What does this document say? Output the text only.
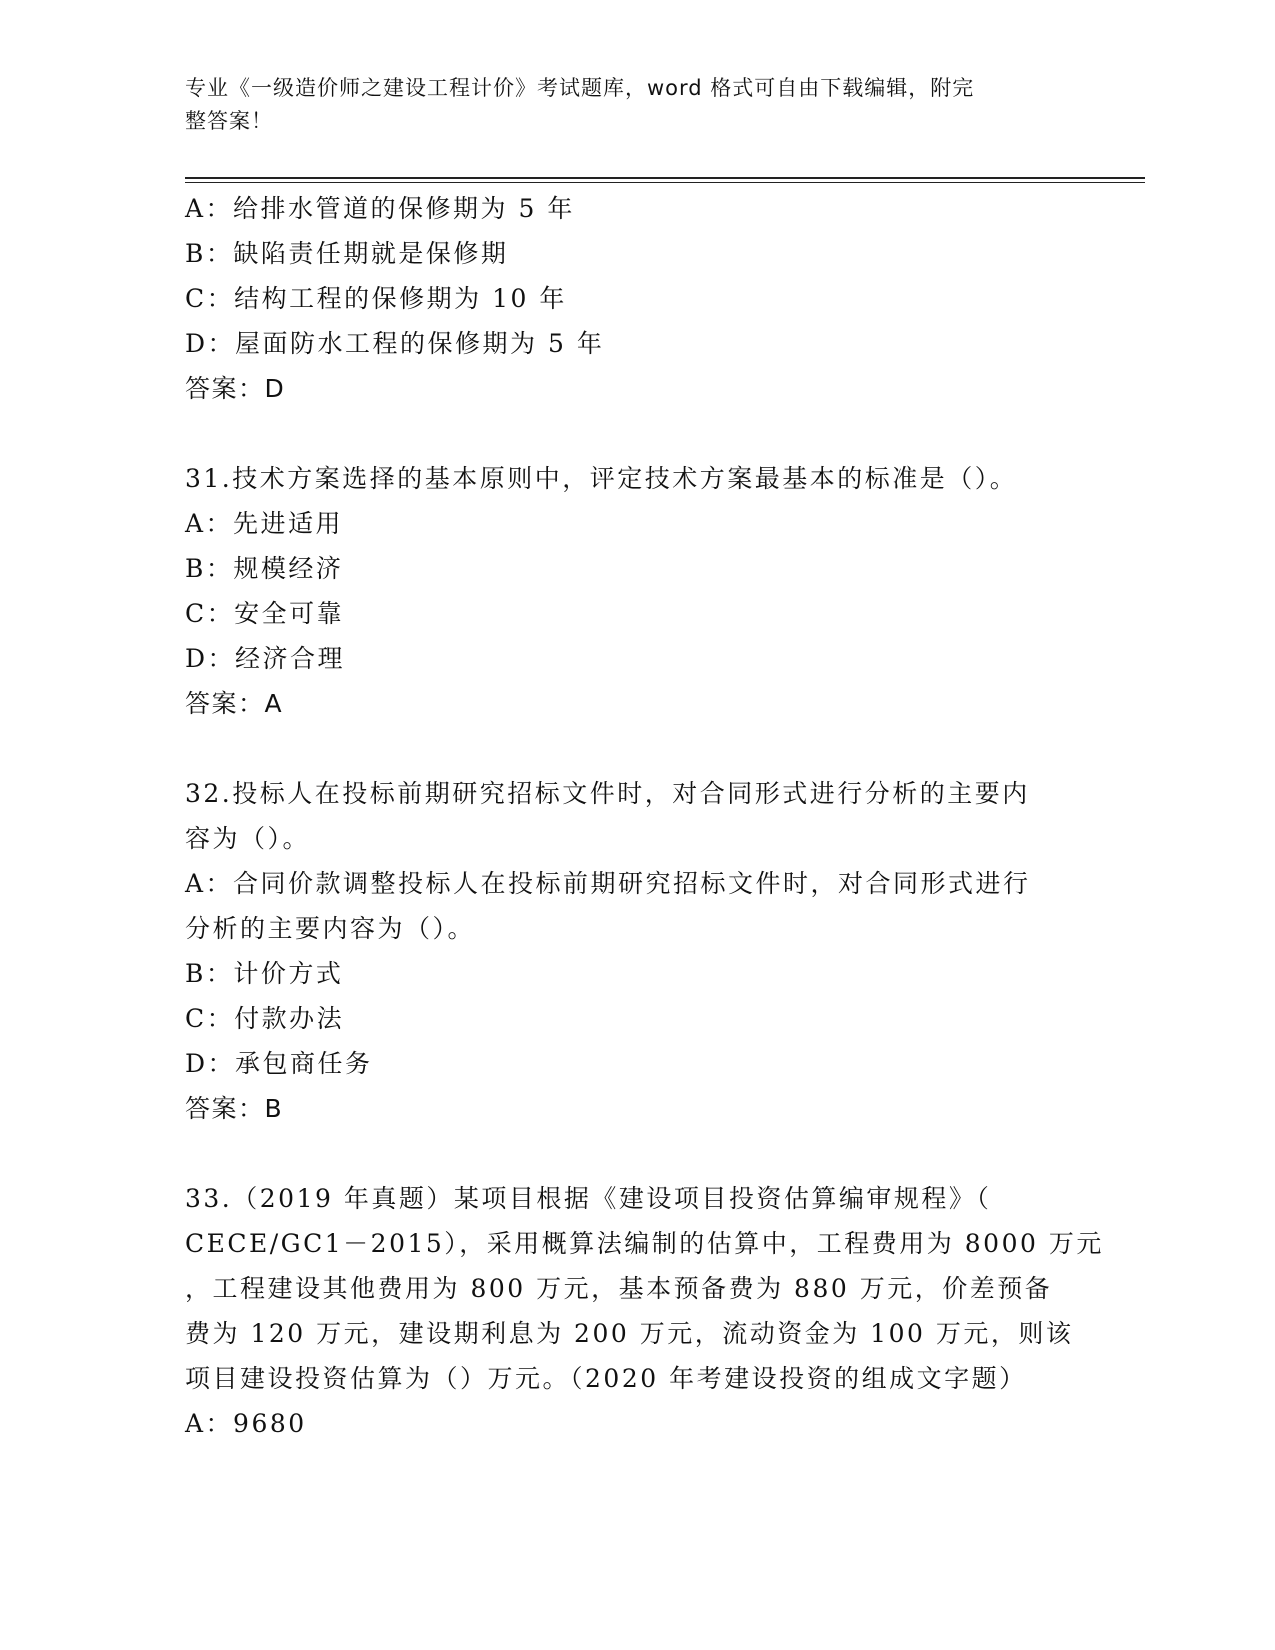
专业《一级造价师之建设工程计价》考试题库，word 格式可自由下载编辑，附完
整答案！
A：给排水管道的保修期为 5 年
B：缺陷责任期就是保修期
C：结构工程的保修期为 10 年
D：屋面防水工程的保修期为 5 年
答案：D
31.技术方案选择的基本原则中，评定技术方案最基本的标准是（）。
A：先进适用
B：规模经济
C：安全可靠
D：经济合理
答案：A
32.投标人在投标前期研究招标文件时，对合同形式进行分析的主要内
容为（）。
A：合同价款调整投标人在投标前期研究招标文件时，对合同形式进行
分析的主要内容为（）。
B：计价方式
C：付款办法
D：承包商任务
答案：B
33.（2019 年真题）某项目根据《建设项目投资估算编审规程》（
CECE/GC1－2015），采用概算法编制的估算中，工程费用为 8000 万元
，工程建设其他费用为 800 万元，基本预备费为 880 万元，价差预备
费为 120 万元，建设期利息为 200 万元，流动资金为 100 万元，则该
项目建设投资估算为（）万元。（2020 年考建设投资的组成文字题）
A：9680
